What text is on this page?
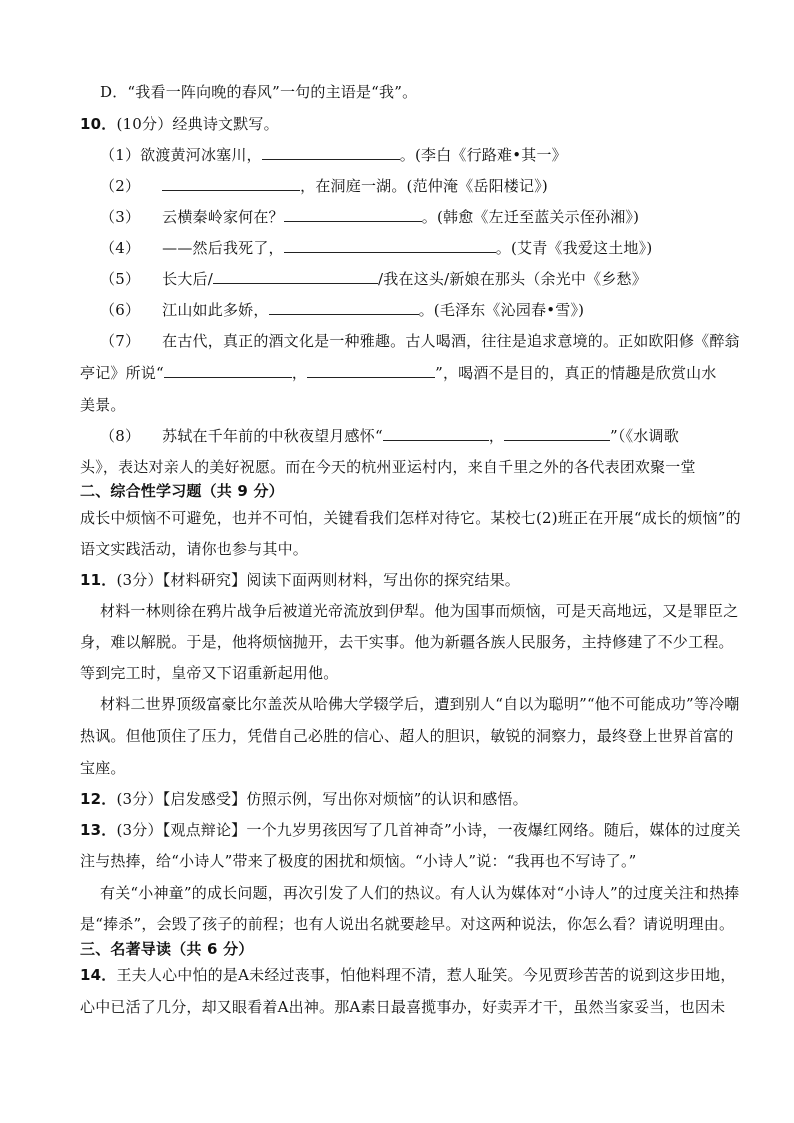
D．“我看一阵向晚的春风”一句的主语是“我”。
10．(10分）经典诗文默写。
（1）欲渡黄河冰塞川，	。(李白《行路难•其一》
（2）	，在洞庭一湖。(范仲淹《岳阳楼记》)
（3） 云横秦岭家何在？	。(韩愈《左迁至蓝关示侄孙湘》)
（4） ——然后我死了，	。(艾青《我爱这土地》)
（5） 长大后/	/我在这头/新娘在那头（余光中《乡愁》
（6） 江山如此多娇，	。(毛泽东《沁园春•雪》)
（7） 在古代，真正的酒文化是一种雅趣。古人喝酒，往往是追求意境的。正如欧阳修《醉翁
亭记》所说“	，	”，喝酒不是目的，真正的情趣是欣赏山水
美景。
（8） 苏轼在千年前的中秋夜望月感怀“	，	”（《水调歌
头》，表达对亲人的美好祝愿。而在今天的杭州亚运村内，来自千里之外的各代表团欢聚一堂
二、综合性学习题（共 9 分）
成长中烦恼不可避免，也并不可怕，关键看我们怎样对待它。某校七(2)班正在开展“成长的烦恼”的
语文实践活动，请你也参与其中。
11．(3分）【材料研究】阅读下面两则材料，写出你的探究结果。
材料一林则徐在鸦片战争后被道光帝流放到伊犁。他为国事而烦恼，可是天高地远，又是罪臣之
身，难以解脱。于是，他将烦恼抛开，去干实事。他为新疆各族人民服务，主持修建了不少工程。
等到完工时，皇帝又下诏重新起用他。
材料二世界顶级富豪比尔盖茨从哈佛大学辍学后，遭到别人“自以为聪明”“他不可能成功”等冷嘲
热讽。但他顶住了压力，凭借自己必胜的信心、超人的胆识，敏锐的洞察力，最终登上世界首富的
宝座。
12．(3分）【启发感受】仿照示例，写出你对烦恼”的认识和感悟。
13．(3分）【观点辩论】一个九岁男孩因写了几首神奇”小诗，一夜爆红网络。随后，媒体的过度关
注与热捧，给“小诗人”带来了极度的困扰和烦恼。“小诗人”说：“我再也不写诗了。”
有关“小神童”的成长问题，再次引发了人们的热议。有人认为媒体对“小诗人”的过度关注和热捧
是“捧杀”，会毁了孩子的前程；也有人说出名就要趁早。对这两种说法，你怎么看？请说明理由。
三、名著导读（共 6 分）
14．王夫人心中怕的是A未经过丧事，怕他料理不清，惹人耻笑。今见贾珍苦苦的说到这步田地，
心中已活了几分，却又眼看着A出神。那A素日最喜揽事办，好卖弄才干，虽然当家妥当，也因未
